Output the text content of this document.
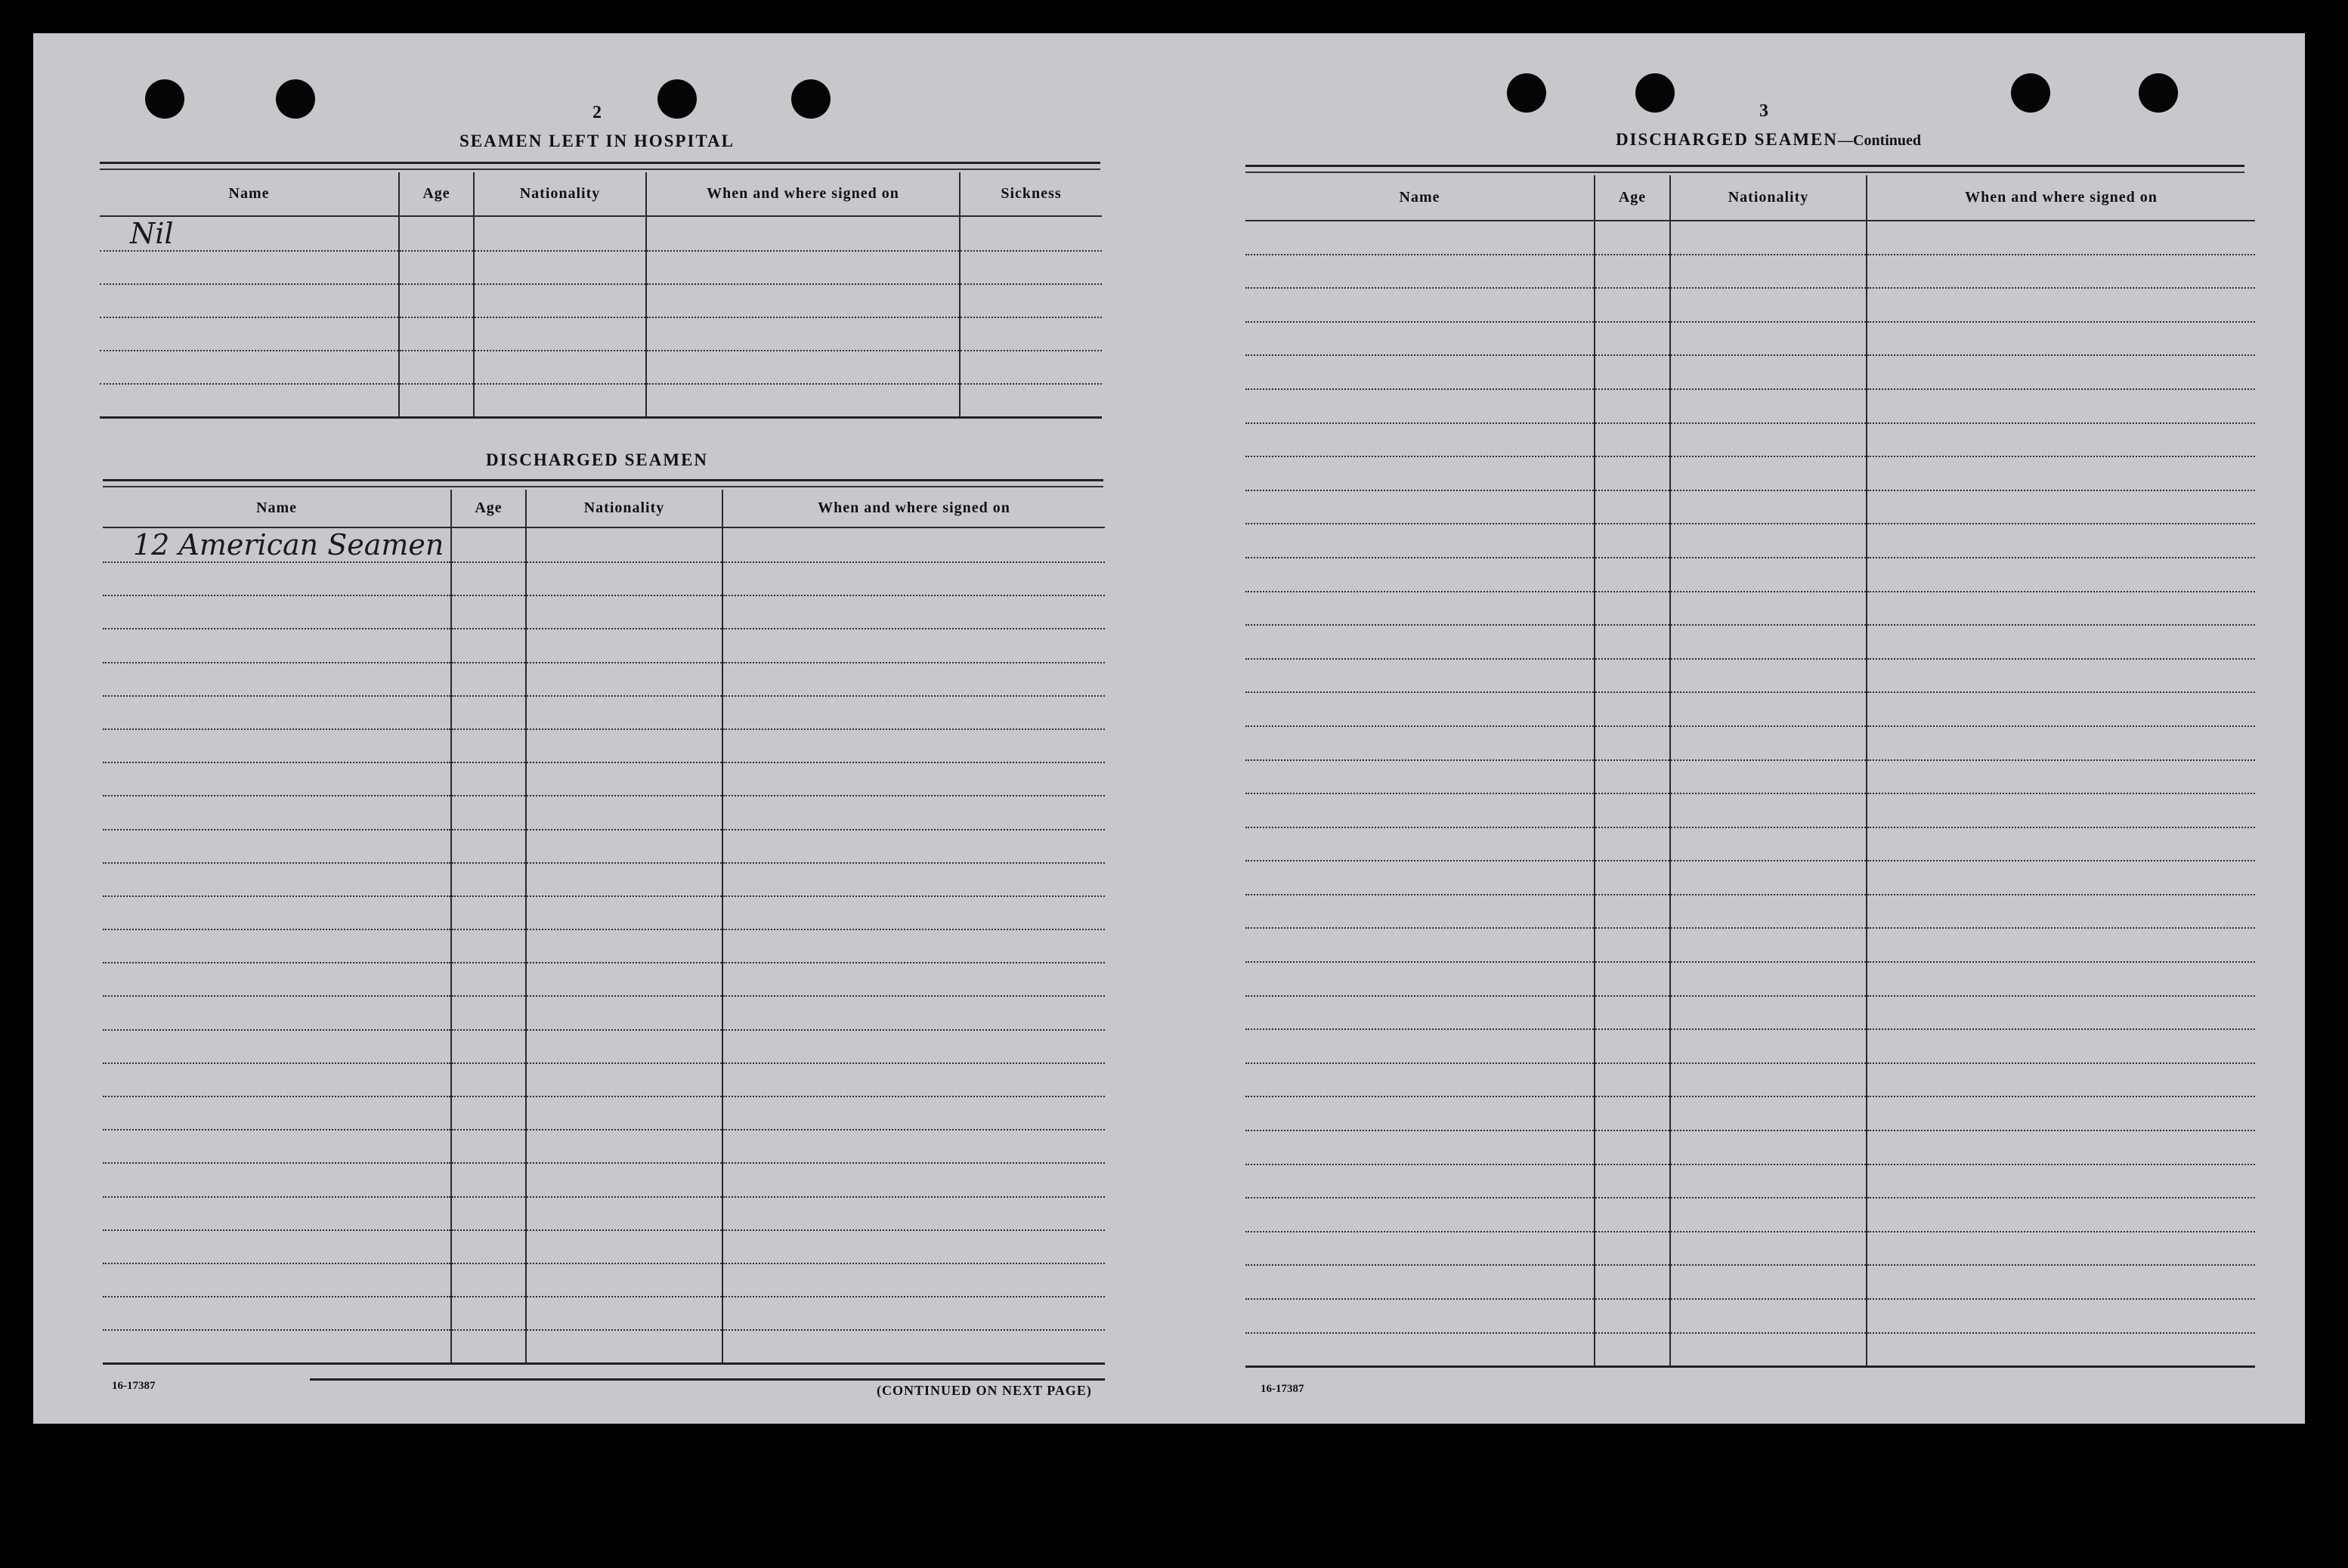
2
SEAMEN LEFT IN HOSPITAL
Name	Age	Nationality	When and where signed on	Sickness
Nil				

DISCHARGED SEAMEN
Name	Age	Nationality	When and where signed on
12 American Seamen			

16-17387	(CONTINUED ON NEXT PAGE)
3
DISCHARGED SEAMEN—Continued
Name	Age	Nationality	When and where signed on

16-17387
